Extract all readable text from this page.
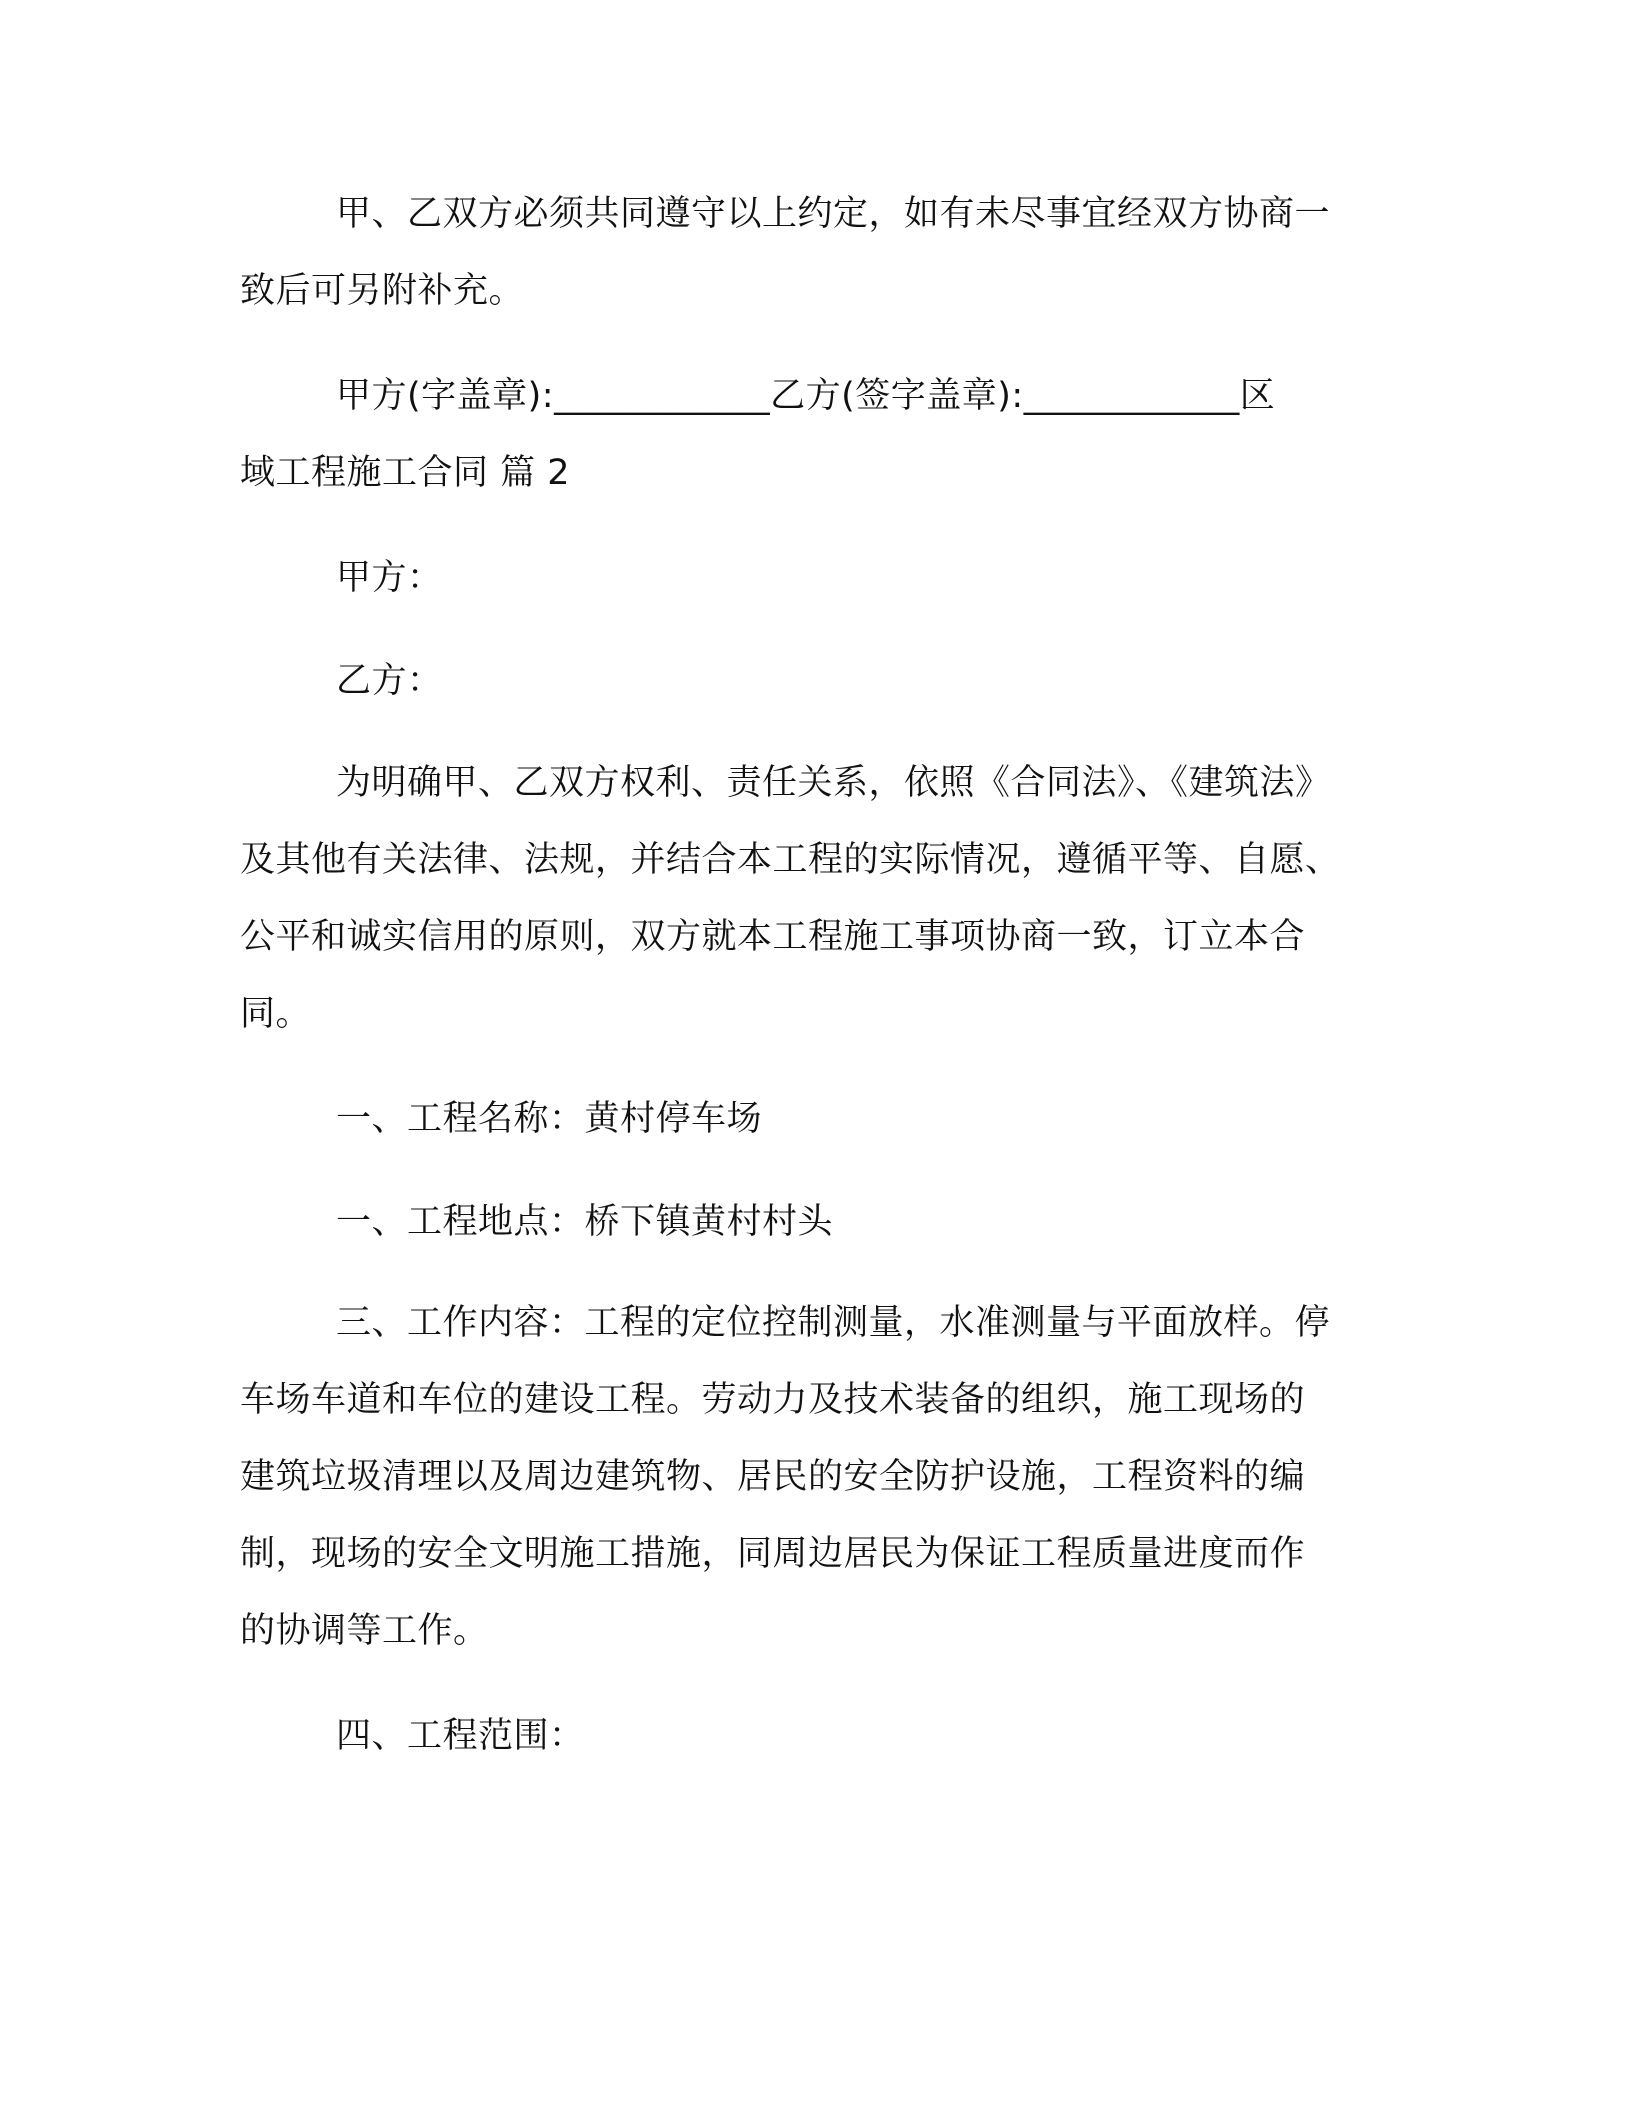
甲、乙双方必须共同遵守以上约定，如有未尽事宜经双方协商一
致后可另附补充。

甲方(字盖章):____________乙方(签字盖章):____________区
域工程施工合同 篇 2

甲方：

乙方：

为明确甲、乙双方权利、责任关系，依照《合同法》、《建筑法》
及其他有关法律、法规，并结合本工程的实际情况，遵循平等、自愿、
公平和诚实信用的原则，双方就本工程施工事项协商一致，订立本合
同。

一、工程名称：黄村停车场

一、工程地点：桥下镇黄村村头

三、工作内容：工程的定位控制测量，水准测量与平面放样。停
车场车道和车位的建设工程。劳动力及技术装备的组织，施工现场的
建筑垃圾清理以及周边建筑物、居民的安全防护设施，工程资料的编
制，现场的安全文明施工措施，同周边居民为保证工程质量进度而作
的协调等工作。

四、工程范围：
